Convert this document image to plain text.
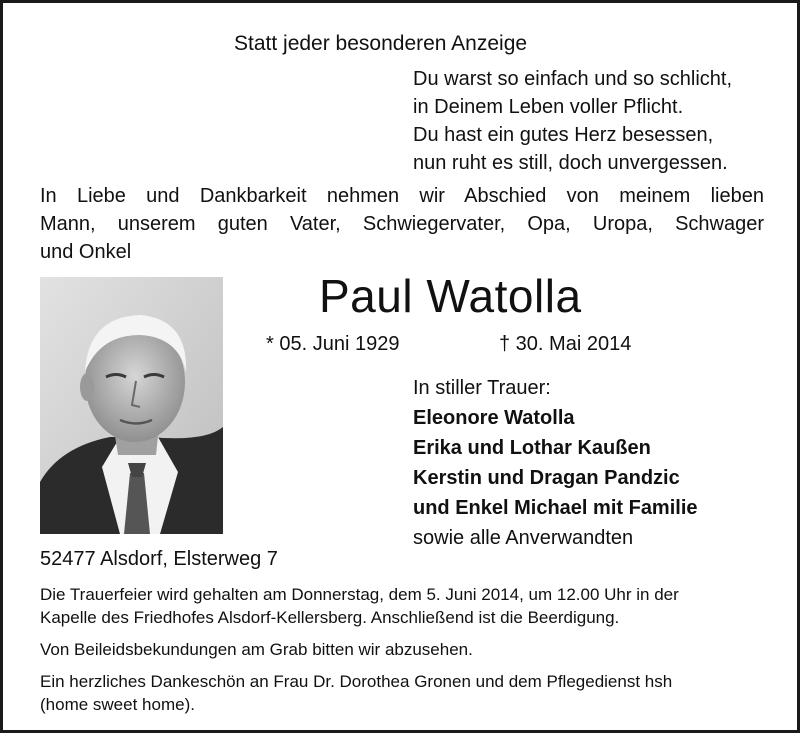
Statt jeder besonderen Anzeige
Du warst so einfach und so schlicht,
in Deinem Leben voller Pflicht.
Du hast ein gutes Herz besessen,
nun ruht es still, doch unvergessen.
In Liebe und Dankbarkeit nehmen wir Abschied von meinem lieben
Mann, unserem guten Vater, Schwiegervater, Opa, Uropa, Schwager
und Onkel
Paul Watolla
* 05. Juni 1929	† 30. Mai 2014
In stiller Trauer:
Eleonore Watolla
Erika und Lothar Kaußen
Kerstin und Dragan Pandzic
und Enkel Michael mit Familie
sowie alle Anverwandten
52477 Alsdorf, Elsterweg 7

Die Trauerfeier wird gehalten am Donnerstag, dem 5. Juni 2014, um 12.00 Uhr in der
Kapelle des Friedhofes Alsdorf-Kellersberg. Anschließend ist die Beerdigung.

Von Beileidsbekundungen am Grab bitten wir abzusehen.

Ein herzliches Dankeschön an Frau Dr. Dorothea Gronen und dem Pflegedienst hsh
(home sweet home).
